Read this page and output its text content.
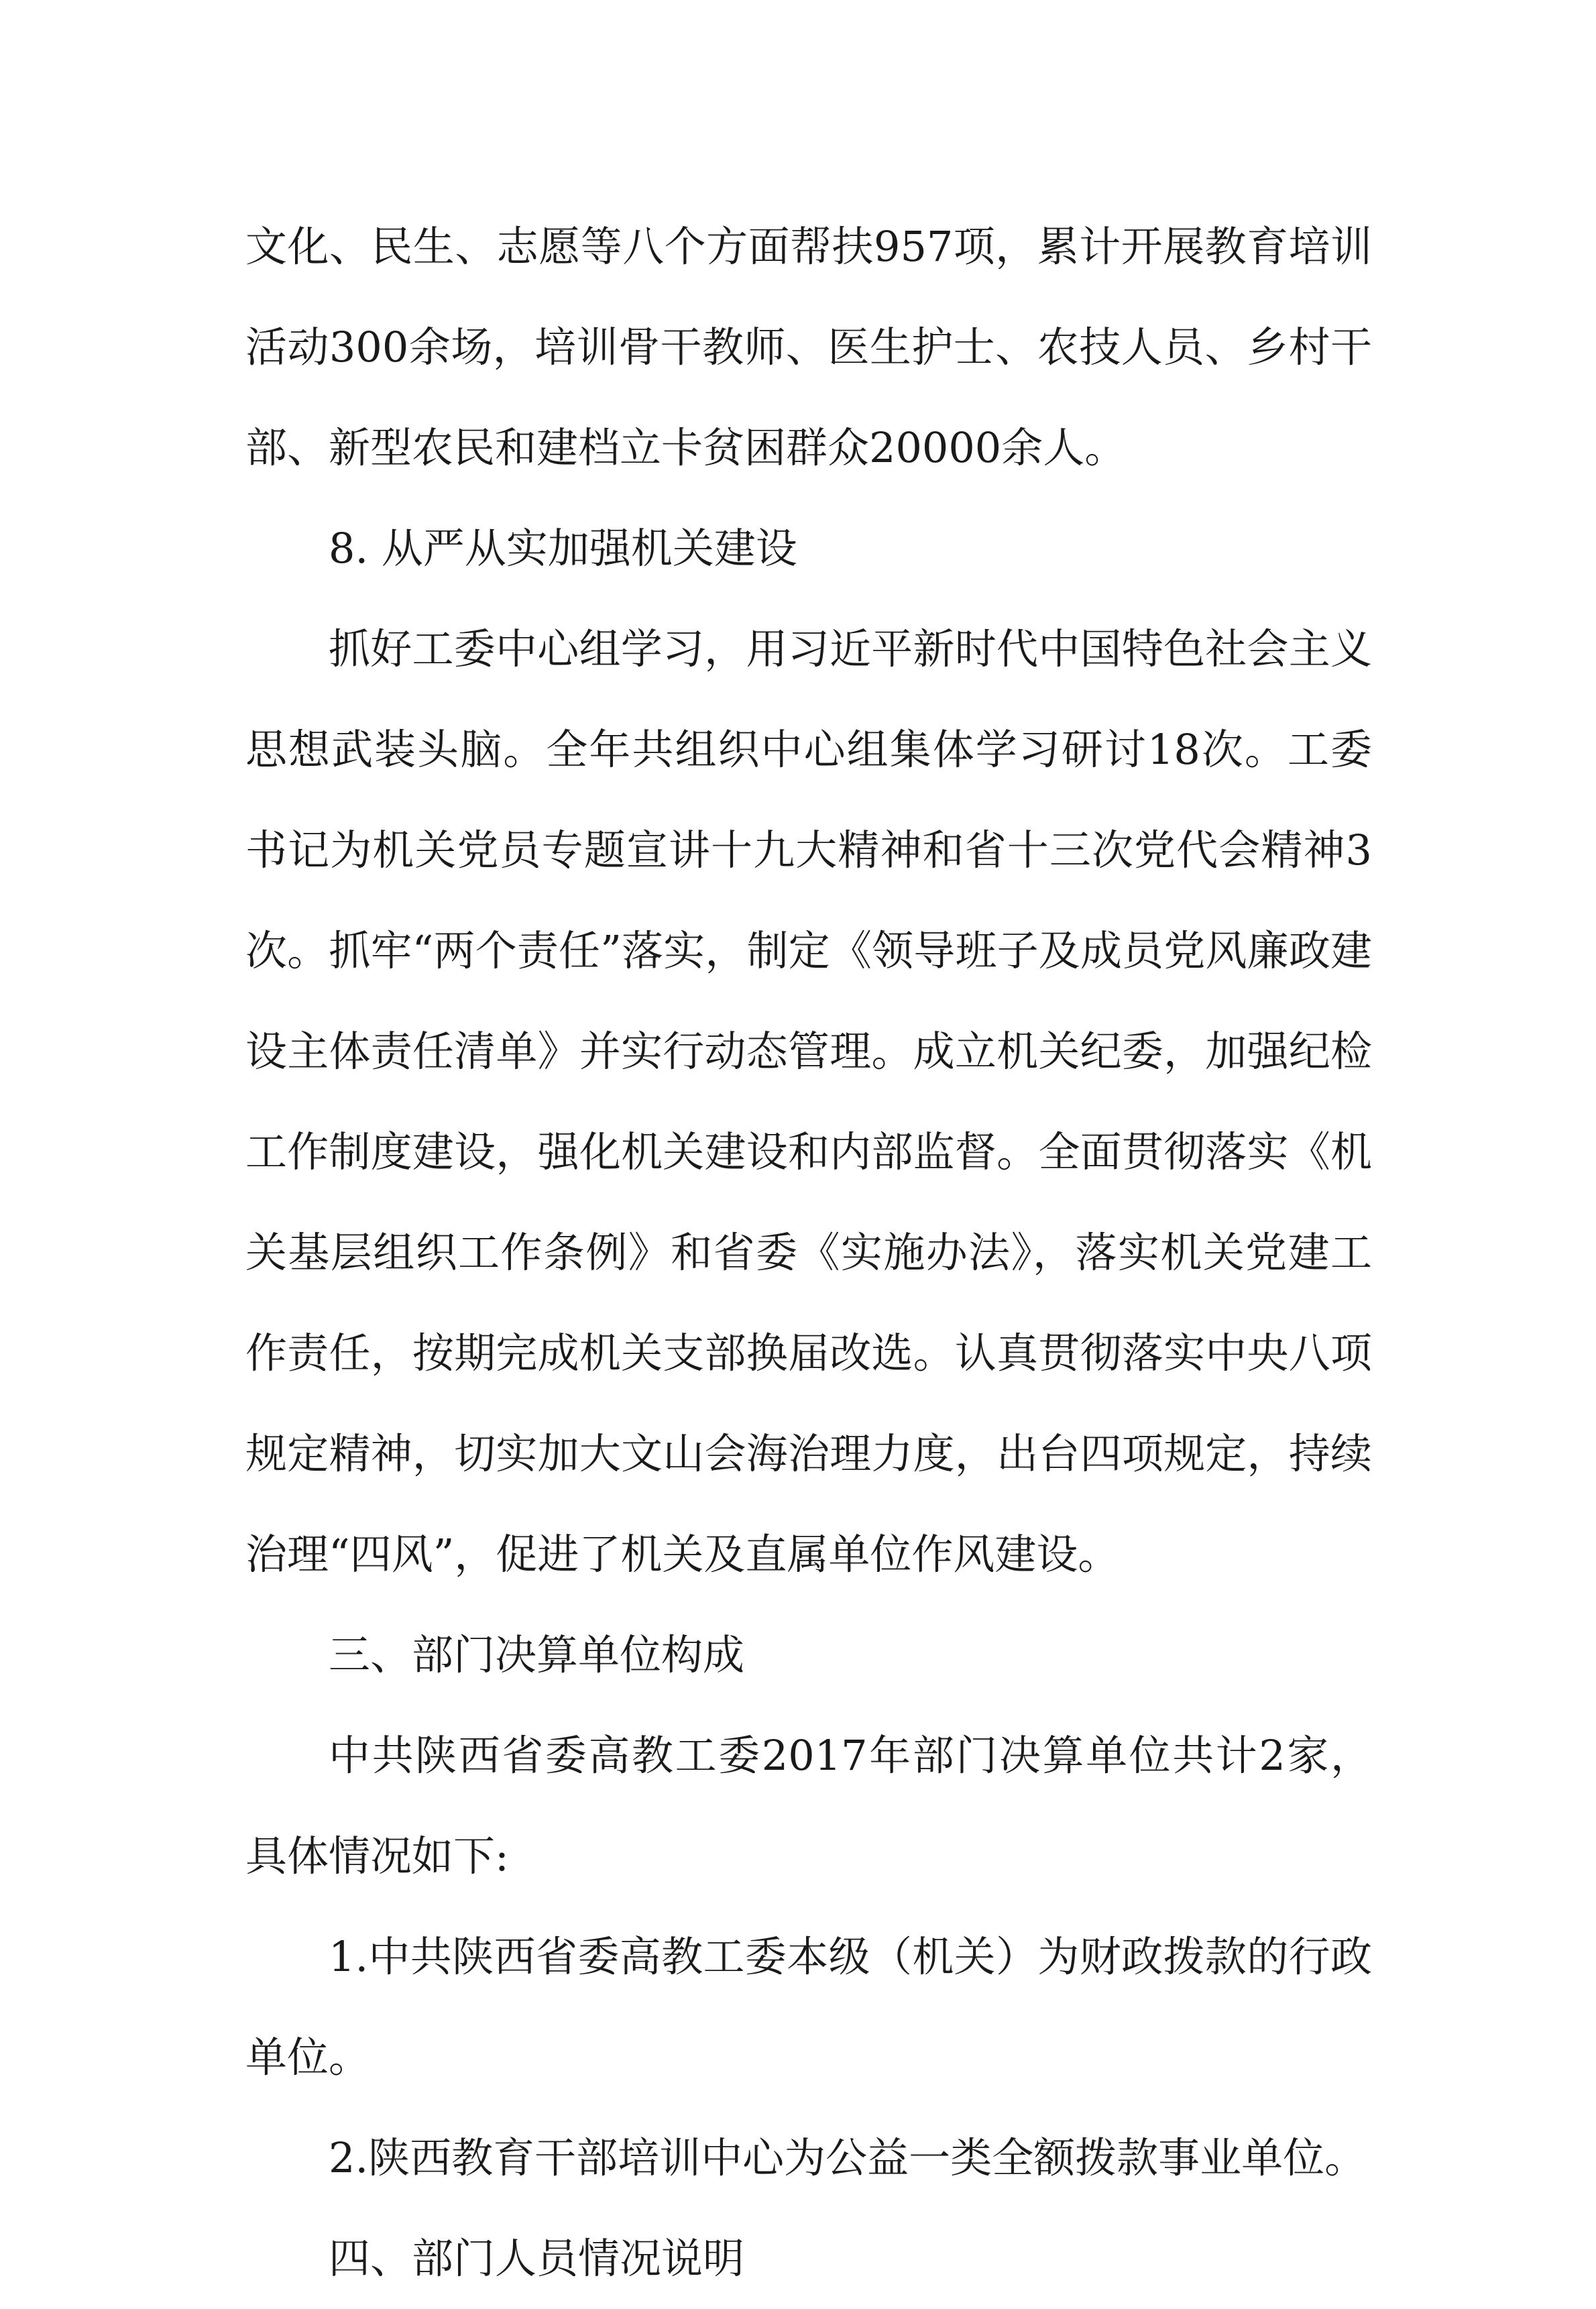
文化、民生、志愿等八个方面帮扶957项，累计开展教育培训活动300余场，培训骨干教师、医生护士、农技人员、乡村干部、新型农民和建档立卡贫困群众20000余人。

8. 从严从实加强机关建设

抓好工委中心组学习，用习近平新时代中国特色社会主义思想武装头脑。全年共组织中心组集体学习研讨18次。工委书记为机关党员专题宣讲十九大精神和省十三次党代会精神3次。抓牢“两个责任”落实，制定《领导班子及成员党风廉政建设主体责任清单》并实行动态管理。成立机关纪委，加强纪检工作制度建设，强化机关建设和内部监督。全面贯彻落实《机关基层组织工作条例》和省委《实施办法》，落实机关党建工作责任，按期完成机关支部换届改选。认真贯彻落实中央八项规定精神，切实加大文山会海治理力度，出台四项规定，持续治理“四风”，促进了机关及直属单位作风建设。

三、部门决算单位构成

中共陕西省委高教工委2017年部门决算单位共计2家，具体情况如下:

1.中共陕西省委高教工委本级（机关）为财政拨款的行政单位。

2.陕西教育干部培训中心为公益一类全额拨款事业单位。

四、部门人员情况说明
